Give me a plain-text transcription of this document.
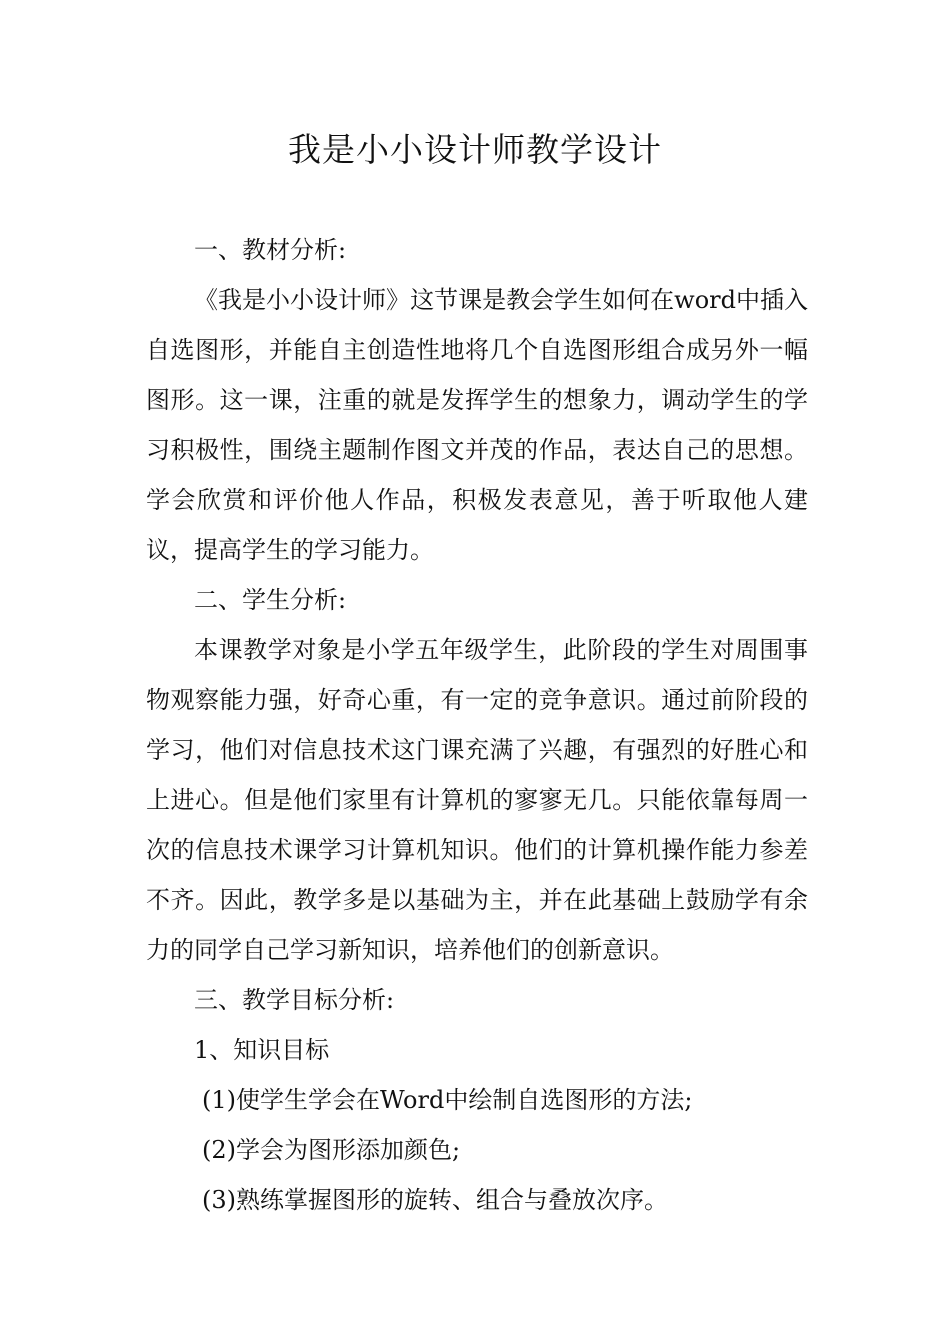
我是小小设计师教学设计

一、教材分析:

《我是小小设计师》这节课是教会学生如何在word中插入自选图形，并能自主创造性地将几个自选图形组合成另外一幅图形。这一课，注重的就是发挥学生的想象力，调动学生的学习积极性，围绕主题制作图文并茂的作品，表达自己的思想。学会欣赏和评价他人作品，积极发表意见，善于听取他人建议，提高学生的学习能力。

二、学生分析:

本课教学对象是小学五年级学生，此阶段的学生对周围事物观察能力强，好奇心重，有一定的竞争意识。通过前阶段的学习，他们对信息技术这门课充满了兴趣，有强烈的好胜心和上进心。但是他们家里有计算机的寥寥无几。只能依靠每周一次的信息技术课学习计算机知识。他们的计算机操作能力参差不齐。因此，教学多是以基础为主，并在此基础上鼓励学有余力的同学自己学习新知识，培养他们的创新意识。

三、教学目标分析:

1、知识目标

(1)使学生学会在Word中绘制自选图形的方法;

(2)学会为图形添加颜色;

(3)熟练掌握图形的旋转、组合与叠放次序。
